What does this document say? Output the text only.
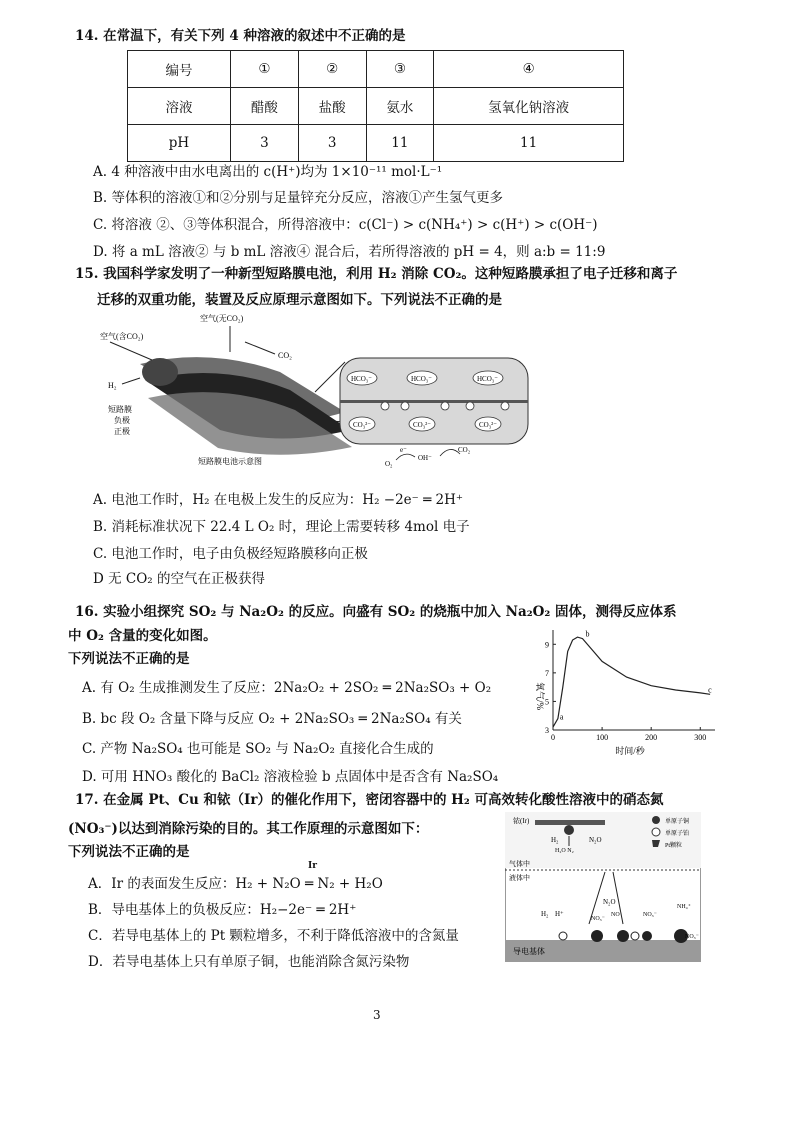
14. 在常温下，有关下列 4 种溶液的叙述中不正确的是
编号	①	②	③	④
溶液	醋酸	盐酸	氨水	氢氧化钠溶液
pH	3	3	11	11
A. 4 种溶液中由水电离出的 c(H⁺)均为 1×10⁻¹¹ mol·L⁻¹
B. 等体积的溶液①和②分别与足量锌充分反应，溶液①产生氢气更多
C. 将溶液 ②、③等体积混合，所得溶液中：c(Cl⁻) > c(NH₄⁺) > c(H⁺) > c(OH⁻)
D. 将 a mL 溶液② 与 b mL 溶液④ 混合后，若所得溶液的 pH = 4，则 a:b = 11:9
15. 我国科学家发明了一种新型短路膜电池，利用 H₂ 消除 CO₂。这种短路膜承担了电子迁移和离子
迁移的双重功能，装置及反应原理示意图如下。下列说法不正确的是
空气(含CO₂)
空气(无CO₂)
CO₂
H₂
短路膜
负极
正极
短路膜电池示意图
HCO₃⁻	HCO₃⁻	HCO₃⁻
CO₃²⁻	CO₃²⁻	CO₃²⁻
O₂
e⁻
OH⁻
CO₂
A. 电池工作时，H₂ 在电极上发生的反应为：H₂ −2e⁻ ═ 2H⁺
B. 消耗标准状况下 22.4 L O₂ 时，理论上需要转移 4mol 电子
C. 电池工作时，电子由负极经短路膜移向正极
D 无 CO₂ 的空气在正极获得
16. 实验小组探究 SO₂ 与 Na₂O₂ 的反应。向盛有 SO₂ 的烧瓶中加入 Na₂O₂ 固体，测得反应体系
中 O₂ 含量的变化如图。
下列说法不正确的是
A. 有 O₂ 生成推测发生了反应：2Na₂O₂ + 2SO₂ ═ 2Na₂SO₃ + O₂
B. bc 段 O₂ 含量下降与反应 O₂ + 2Na₂SO₃ ═ 2Na₂SO₄ 有关
C. 产物 Na₂SO₄ 也可能是 SO₂ 与 Na₂O₂ 直接化合生成的
D. 可用 HNO₃ 酸化的 BaCl₂ 溶液检验 b 点固体中是否含有 Na₂SO₄
氧气/%
时间/秒
0	100	200	300
3
5
7
9
a
b
c
17. 在金属 Pt、Cu 和铱（Ir）的催化作用下，密闭容器中的 H₂ 可高效转化酸性溶液中的硝态氮
(NO₃⁻)以达到消除污染的目的。其工作原理的示意图如下：
下列说法不正确的是
Ir
A．Ir 的表面发生反应：H₂ + N₂O ═ N₂ + H₂O
B．导电基体上的负极反应：H₂−2e⁻ ═ 2H⁺
C．若导电基体上的 Pt 颗粒增多，不利于降低溶液中的含氮量
D．若导电基体上只有单原子铜，也能消除含氮污染物
铱(Ir)
H₂
H₂O N₂
N₂O
单原子铜
单原子铂
Pt颗粒
气体中
液体中
N₂O
H₂ H⁺
NO₃⁻
NO	NO₃⁻
NH₄⁺
NO₃⁻
导电基体
3
